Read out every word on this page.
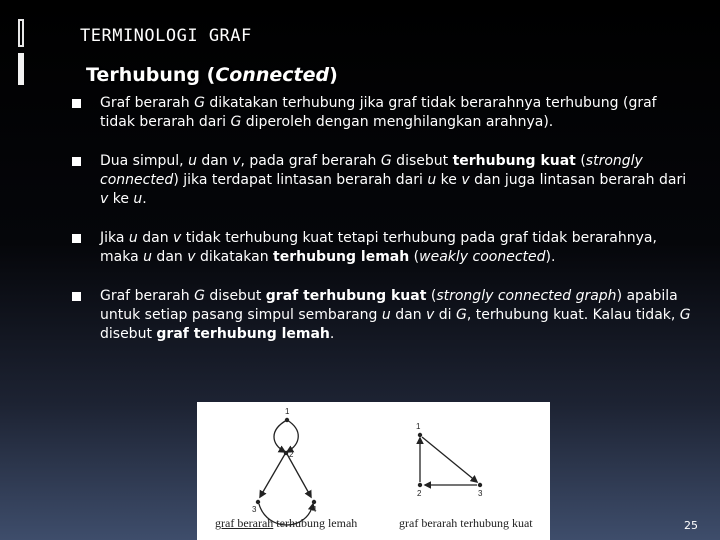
TERMINOLOGI GRAF
Terhubung (Connected)
Graf berarah G dikatakan terhubung jika graf tidak berarahnya terhubung (graf tidak berarah dari G diperoleh dengan menghilangkan arahnya).
Dua simpul, u dan v, pada graf berarah G disebut terhubung kuat (strongly connected) jika terdapat lintasan berarah dari u ke v dan juga lintasan berarah dari v ke u.
Jika u dan v tidak terhubung kuat tetapi terhubung pada graf tidak berarahnya, maka u dan v dikatakan terhubung lemah (weakly coonected).
Graf berarah G disebut graf terhubung kuat (strongly connected graph) apabila untuk setiap pasang simpul sembarang u dan v di G, terhubung kuat. Kalau tidak, G disebut graf terhubung lemah.
1
2
3	4
1
2	3
graf berarah terhubung lemah	graf berarah terhubung kuat	25
